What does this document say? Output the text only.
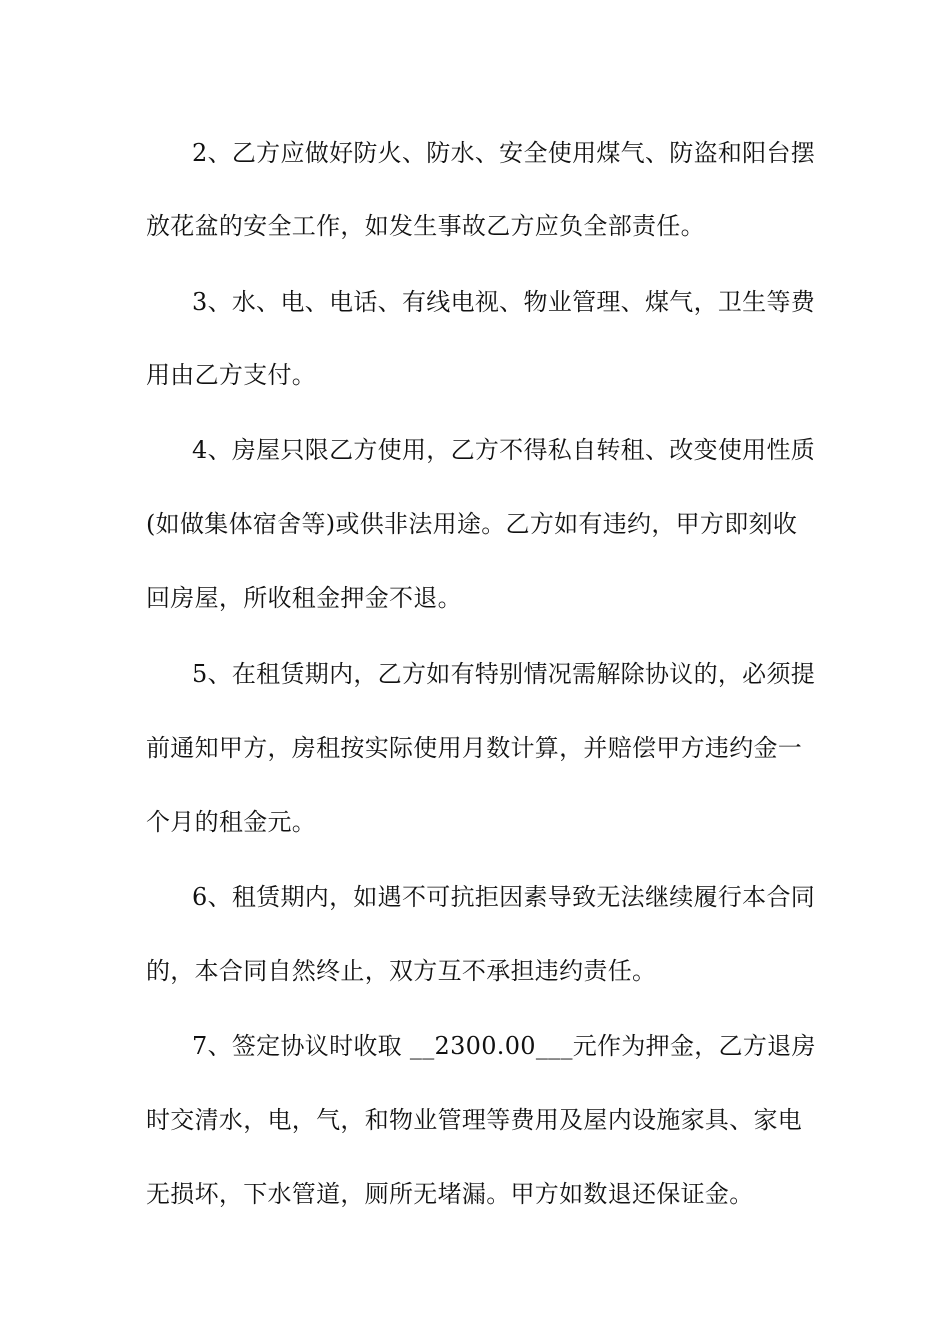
2、乙方应做好防火、防水、安全使用煤气、防盗和阳台摆
放花盆的安全工作，如发生事故乙方应负全部责任。
3、水、电、电话、有线电视、物业管理、煤气，卫生等费
用由乙方支付。
4、房屋只限乙方使用，乙方不得私自转租、改变使用性质
(如做集体宿舍等)或供非法用途。乙方如有违约，甲方即刻收
回房屋，所收租金押金不退。
5、在租赁期内，乙方如有特别情况需解除协议的，必须提
前通知甲方，房租按实际使用月数计算，并赔偿甲方违约金一
个月的租金元。
6、租赁期内，如遇不可抗拒因素导致无法继续履行本合同
的，本合同自然终止，双方互不承担违约责任。
7、签定协议时收取 __2300.00___元作为押金，乙方退房
时交清水，电，气，和物业管理等费用及屋内设施家具、家电
无损坏，下水管道，厕所无堵漏。甲方如数退还保证金。
